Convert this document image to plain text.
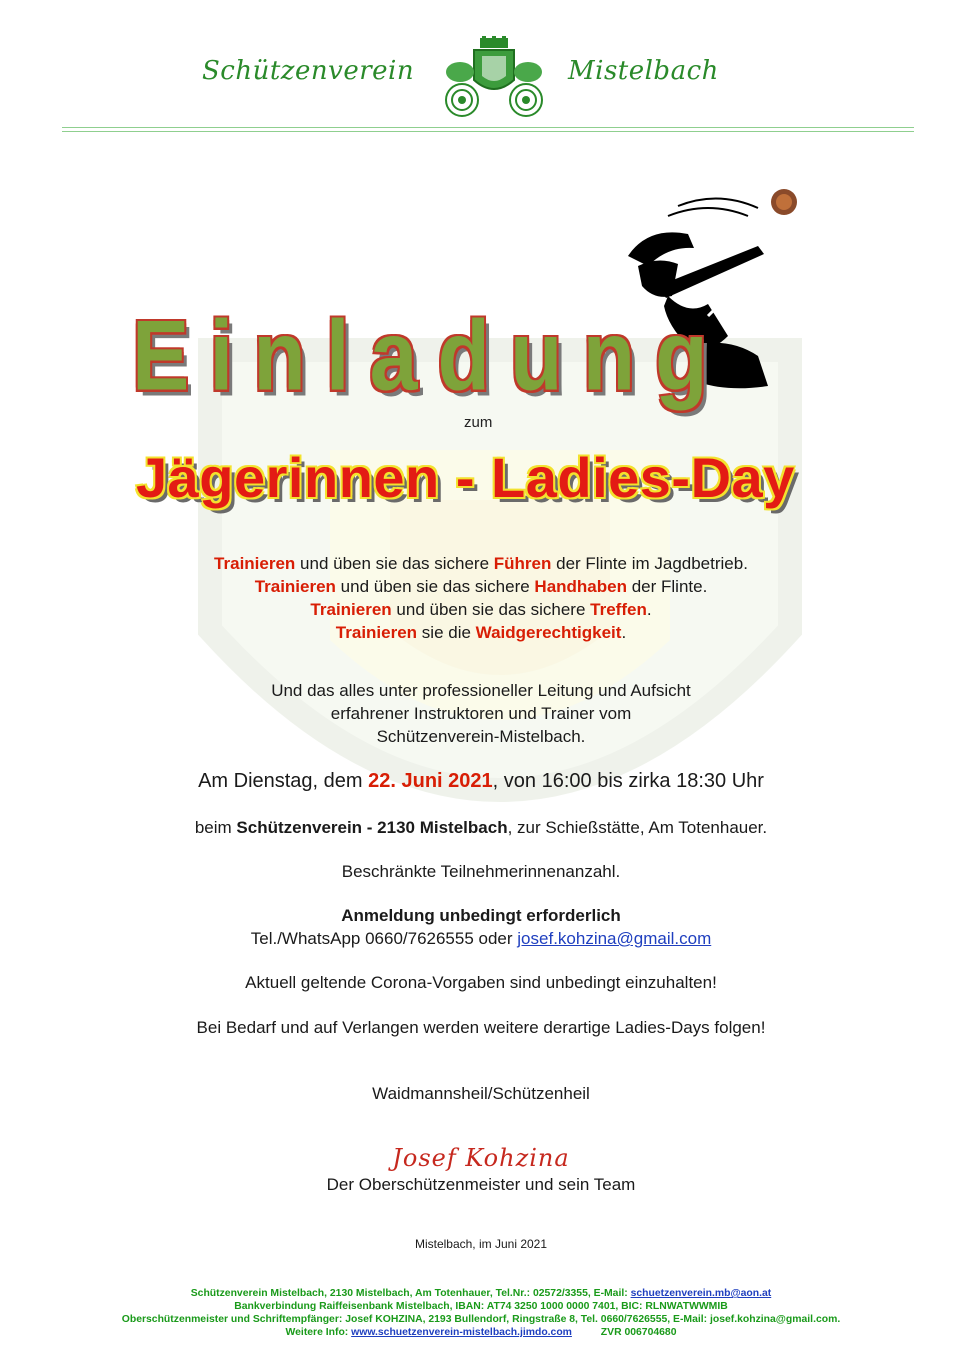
Schützenverein	Mistelbach
Einladung
zum
Jägerinnen - Ladies-Day
Trainieren und üben sie das sichere Führen der Flinte im Jagdbetrieb.
Trainieren und üben sie das sichere Handhaben der Flinte.
Trainieren und üben sie das sichere Treffen.
Trainieren sie die Waidgerechtigkeit.
Und das alles unter professioneller Leitung und Aufsicht
erfahrener Instruktoren und Trainer vom
Schützenverein-Mistelbach.
Am Dienstag, dem 22. Juni 2021, von 16:00 bis zirka 18:30 Uhr
beim Schützenverein - 2130 Mistelbach, zur Schießstätte, Am Totenhauer.
Beschränkte Teilnehmerinnenanzahl.
Anmeldung unbedingt erforderlich
Tel./WhatsApp 0660/7626555 oder josef.kohzina@gmail.com
Aktuell geltende Corona-Vorgaben sind unbedingt einzuhalten!
Bei Bedarf und auf Verlangen werden weitere derartige Ladies-Days folgen!
Waidmannsheil/Schützenheil
Josef Kohzina
Der Oberschützenmeister und sein Team
Mistelbach, im Juni 2021
Schützenverein Mistelbach, 2130 Mistelbach, Am Totenhauer, Tel.Nr.: 02572/3355, E-Mail: schuetzenverein.mb@aon.at
Bankverbindung Raiffeisenbank Mistelbach, IBAN: AT74 3250 1000 0000 7401, BIC: RLNWATWWMIB
Oberschützenmeister und Schriftempfänger: Josef KOHZINA, 2193 Bullendorf, Ringstraße 8, Tel. 0660/7626555, E-Mail: josef.kohzina@gmail.com.
Weitere Info: www.schuetzenverein-mistelbach.jimdo.com          ZVR 006704680
